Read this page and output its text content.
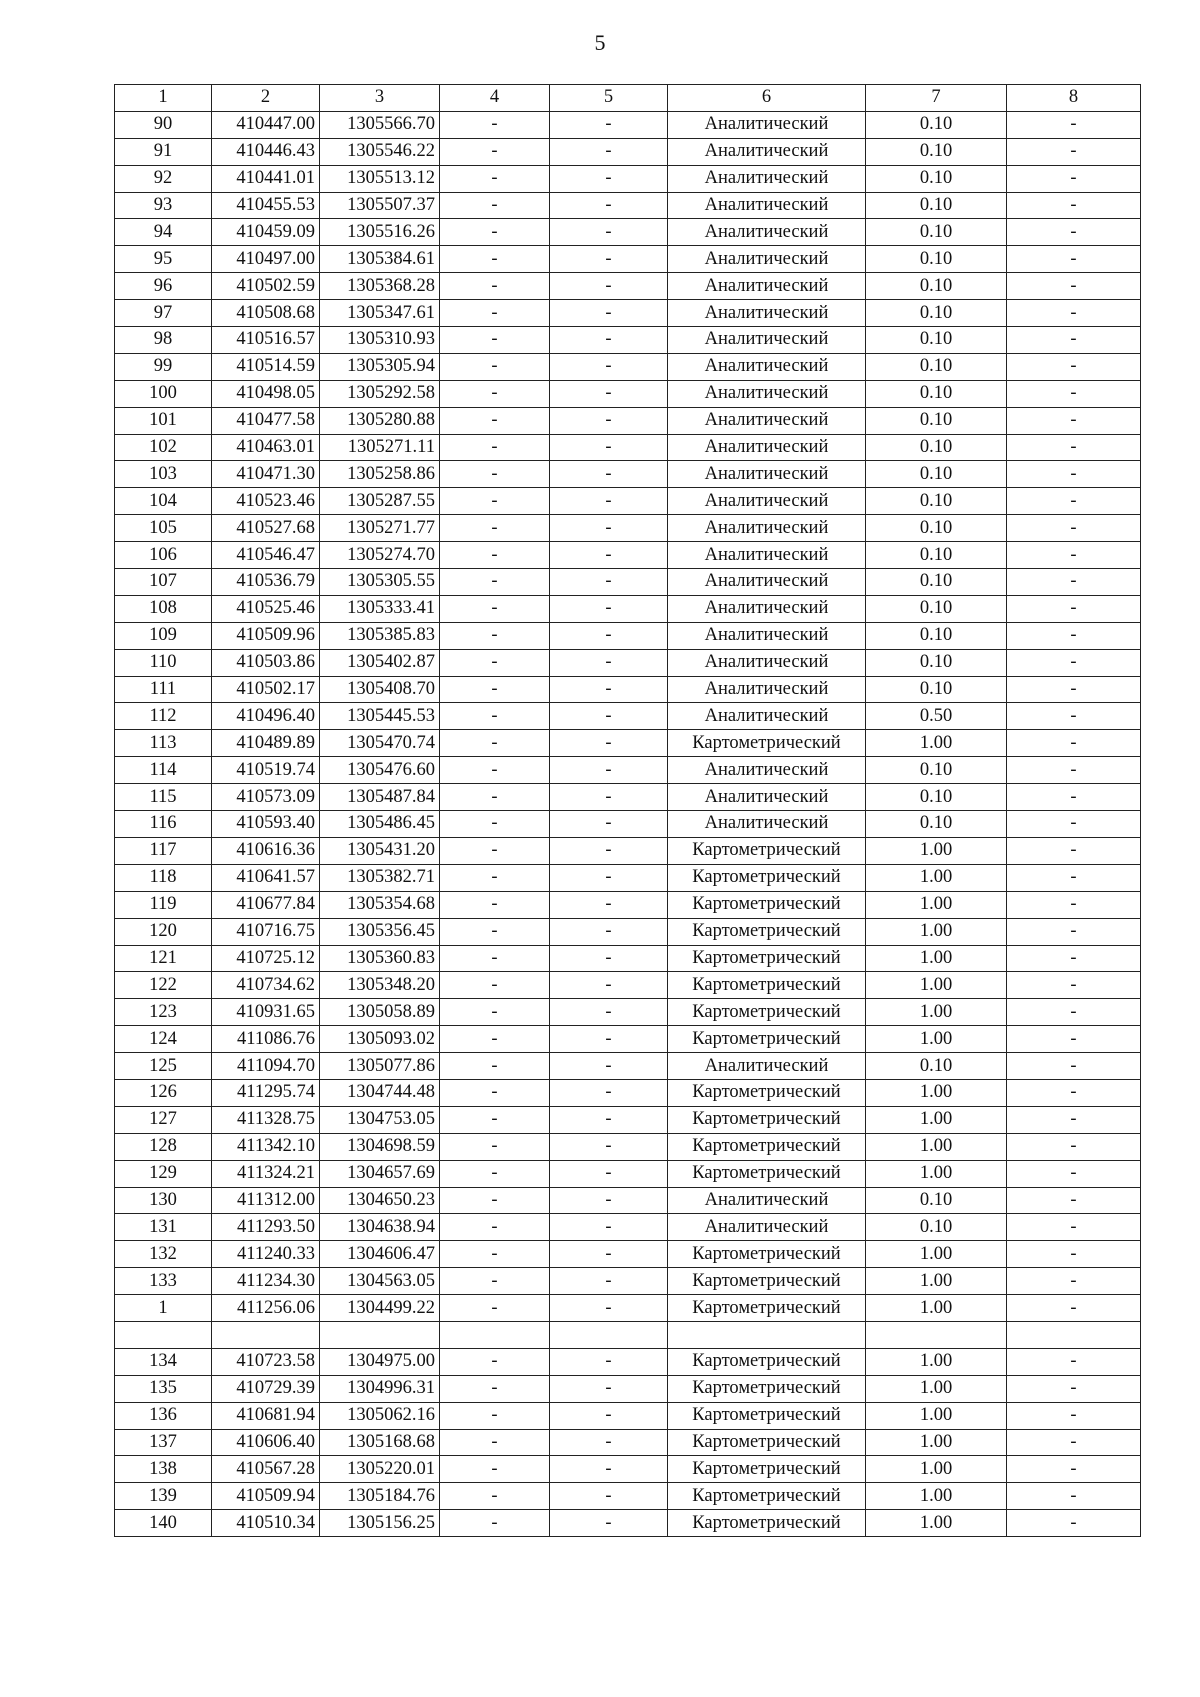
5
1	2	3	4	5	6	7	8
90	410447.00	1305566.70	-	-	Аналитический	0.10	-
91	410446.43	1305546.22	-	-	Аналитический	0.10	-
92	410441.01	1305513.12	-	-	Аналитический	0.10	-
93	410455.53	1305507.37	-	-	Аналитический	0.10	-
94	410459.09	1305516.26	-	-	Аналитический	0.10	-
95	410497.00	1305384.61	-	-	Аналитический	0.10	-
96	410502.59	1305368.28	-	-	Аналитический	0.10	-
97	410508.68	1305347.61	-	-	Аналитический	0.10	-
98	410516.57	1305310.93	-	-	Аналитический	0.10	-
99	410514.59	1305305.94	-	-	Аналитический	0.10	-
100	410498.05	1305292.58	-	-	Аналитический	0.10	-
101	410477.58	1305280.88	-	-	Аналитический	0.10	-
102	410463.01	1305271.11	-	-	Аналитический	0.10	-
103	410471.30	1305258.86	-	-	Аналитический	0.10	-
104	410523.46	1305287.55	-	-	Аналитический	0.10	-
105	410527.68	1305271.77	-	-	Аналитический	0.10	-
106	410546.47	1305274.70	-	-	Аналитический	0.10	-
107	410536.79	1305305.55	-	-	Аналитический	0.10	-
108	410525.46	1305333.41	-	-	Аналитический	0.10	-
109	410509.96	1305385.83	-	-	Аналитический	0.10	-
110	410503.86	1305402.87	-	-	Аналитический	0.10	-
111	410502.17	1305408.70	-	-	Аналитический	0.10	-
112	410496.40	1305445.53	-	-	Аналитический	0.50	-
113	410489.89	1305470.74	-	-	Картометрический	1.00	-
114	410519.74	1305476.60	-	-	Аналитический	0.10	-
115	410573.09	1305487.84	-	-	Аналитический	0.10	-
116	410593.40	1305486.45	-	-	Аналитический	0.10	-
117	410616.36	1305431.20	-	-	Картометрический	1.00	-
118	410641.57	1305382.71	-	-	Картометрический	1.00	-
119	410677.84	1305354.68	-	-	Картометрический	1.00	-
120	410716.75	1305356.45	-	-	Картометрический	1.00	-
121	410725.12	1305360.83	-	-	Картометрический	1.00	-
122	410734.62	1305348.20	-	-	Картометрический	1.00	-
123	410931.65	1305058.89	-	-	Картометрический	1.00	-
124	411086.76	1305093.02	-	-	Картометрический	1.00	-
125	411094.70	1305077.86	-	-	Аналитический	0.10	-
126	411295.74	1304744.48	-	-	Картометрический	1.00	-
127	411328.75	1304753.05	-	-	Картометрический	1.00	-
128	411342.10	1304698.59	-	-	Картометрический	1.00	-
129	411324.21	1304657.69	-	-	Картометрический	1.00	-
130	411312.00	1304650.23	-	-	Аналитический	0.10	-
131	411293.50	1304638.94	-	-	Аналитический	0.10	-
132	411240.33	1304606.47	-	-	Картометрический	1.00	-
133	411234.30	1304563.05	-	-	Картометрический	1.00	-
1	411256.06	1304499.22	-	-	Картометрический	1.00	-

134	410723.58	1304975.00	-	-	Картометрический	1.00	-
135	410729.39	1304996.31	-	-	Картометрический	1.00	-
136	410681.94	1305062.16	-	-	Картометрический	1.00	-
137	410606.40	1305168.68	-	-	Картометрический	1.00	-
138	410567.28	1305220.01	-	-	Картометрический	1.00	-
139	410509.94	1305184.76	-	-	Картометрический	1.00	-
140	410510.34	1305156.25	-	-	Картометрический	1.00	-
